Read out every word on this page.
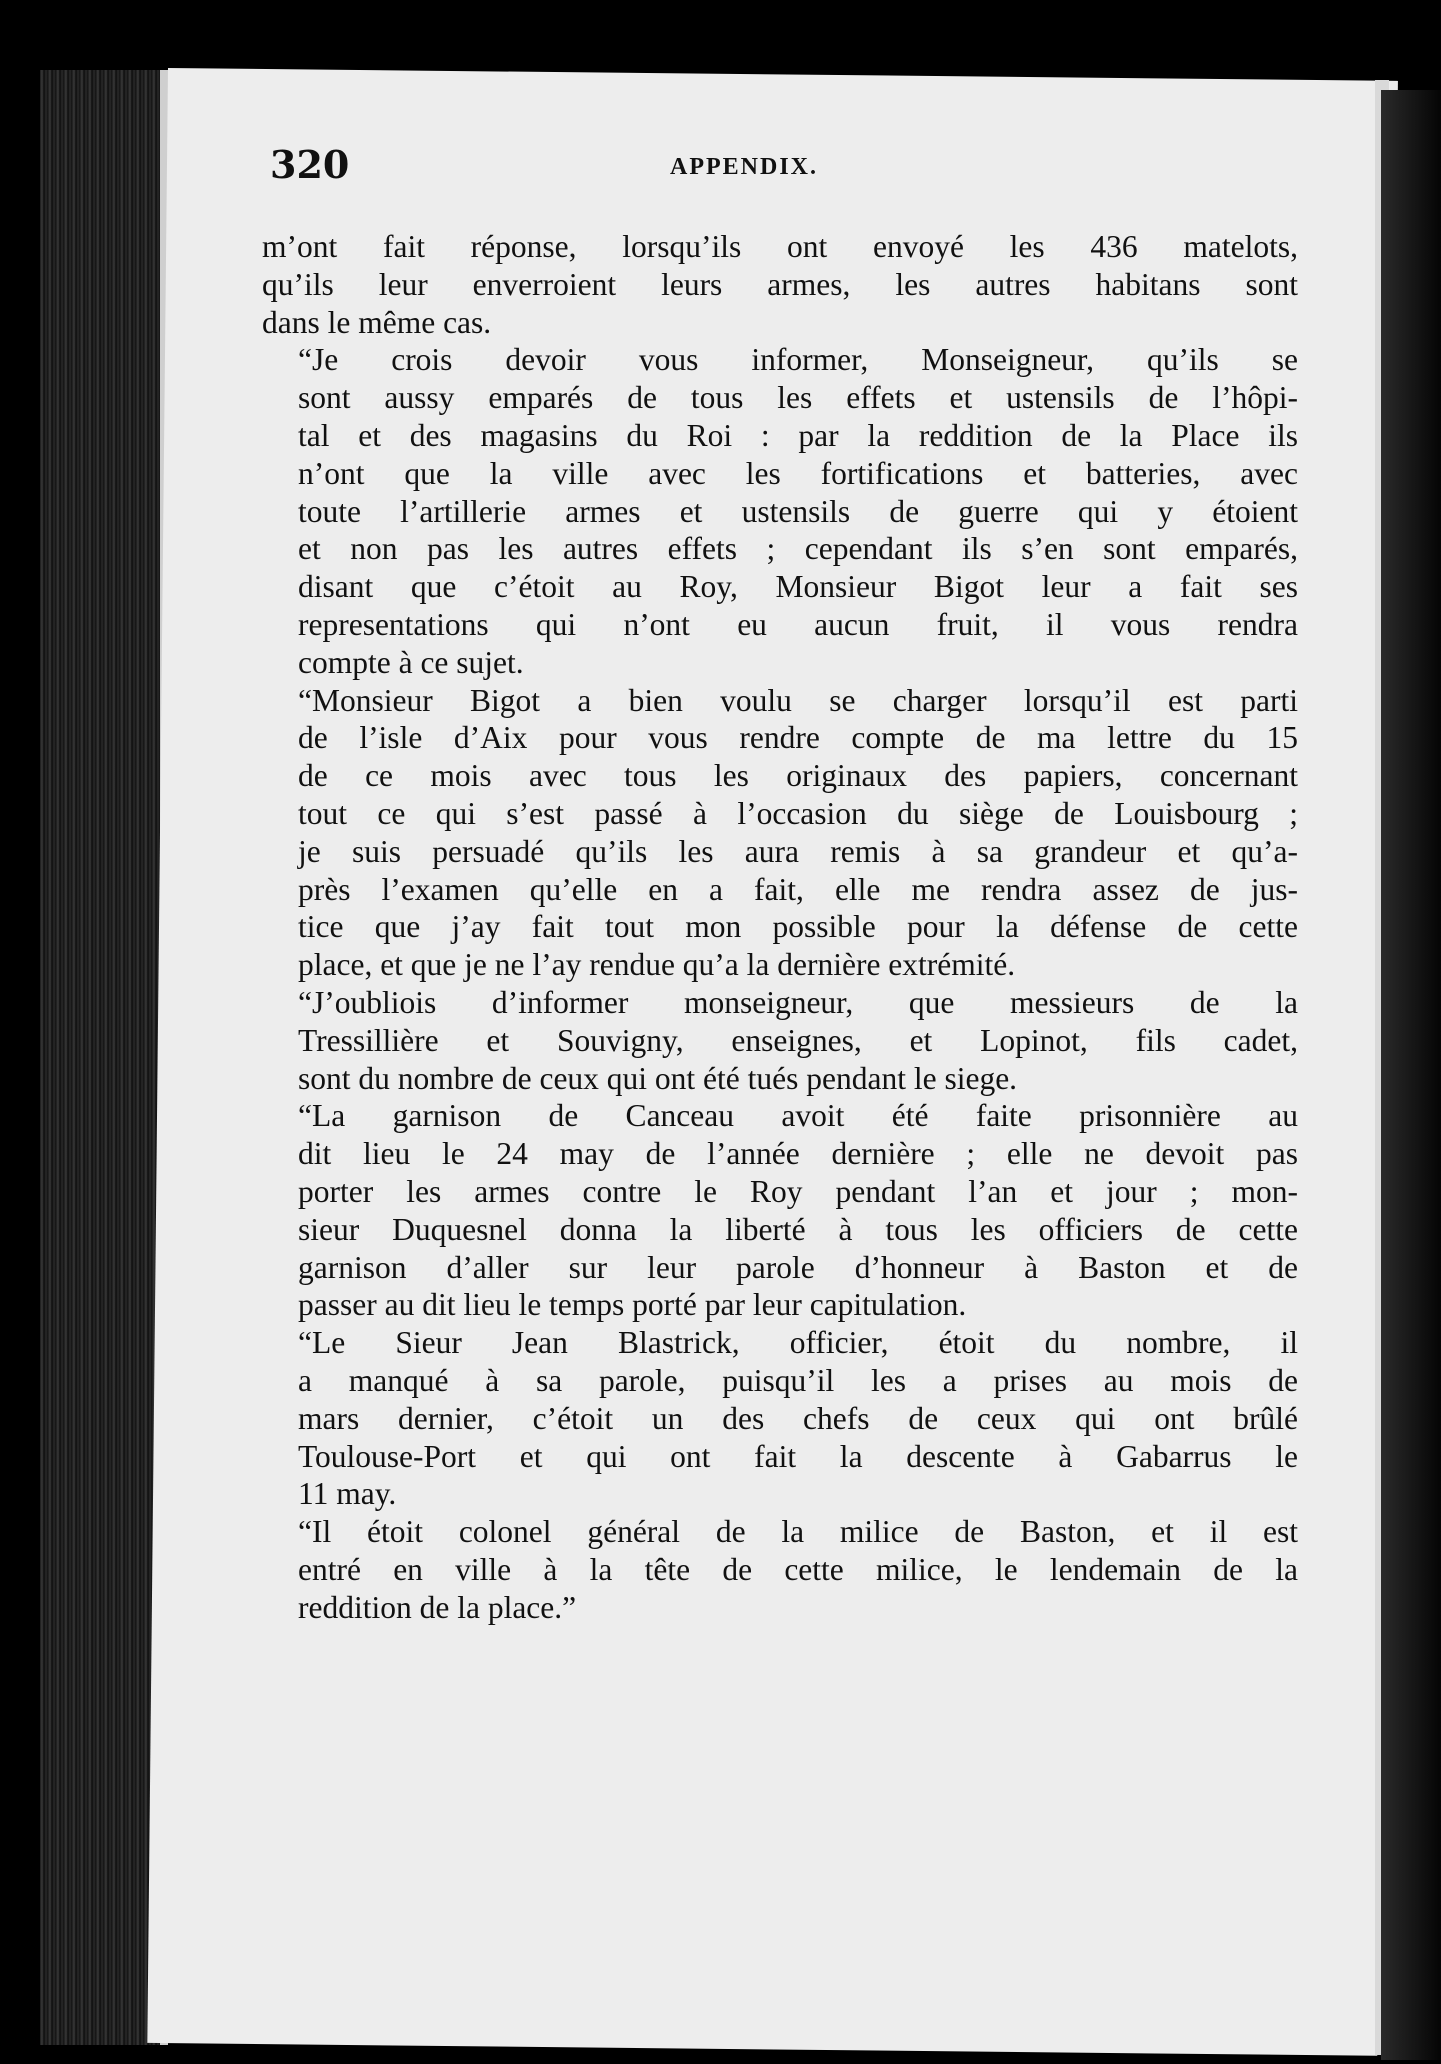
320	APPENDIX.

m’ont fait réponse, lorsqu’ils ont envoyé les 436 matelots,
qu’ils leur enverroient leurs armes, les autres habitans sont
dans le même cas.

“Je crois devoir vous informer, Monseigneur, qu’ils se
sont aussy emparés de tous les effets et ustensils de l’hôpi-
tal et des magasins du Roi : par la reddition de la Place ils
n’ont que la ville avec les fortifications et batteries, avec
toute l’artillerie armes et ustensils de guerre qui y étoient
et non pas les autres effets ; cependant ils s’en sont emparés,
disant que c’étoit au Roy, Monsieur Bigot leur a fait ses
representations qui n’ont eu aucun fruit, il vous rendra
compte à ce sujet.

“Monsieur Bigot a bien voulu se charger lorsqu’il est parti
de l’isle d’Aix pour vous rendre compte de ma lettre du 15
de ce mois avec tous les originaux des papiers, concernant
tout ce qui s’est passé à l’occasion du siège de Louisbourg ;
je suis persuadé qu’ils les aura remis à sa grandeur et qu’a-
près l’examen qu’elle en a fait, elle me rendra assez de jus-
tice que j’ay fait tout mon possible pour la défense de cette
place, et que je ne l’ay rendue qu’a la dernière extrémité.

“J’oubliois d’informer monseigneur, que messieurs de la
Tressillière et Souvigny, enseignes, et Lopinot, fils cadet,
sont du nombre de ceux qui ont été tués pendant le siege.

“La garnison de Canceau avoit été faite prisonnière au
dit lieu le 24 may de l’année dernière ; elle ne devoit pas
porter les armes contre le Roy pendant l’an et jour ; mon-
sieur Duquesnel donna la liberté à tous les officiers de cette
garnison d’aller sur leur parole d’honneur à Baston et de
passer au dit lieu le temps porté par leur capitulation.

“Le Sieur Jean Blastrick, officier, étoit du nombre, il
a manqué à sa parole, puisqu’il les a prises au mois de
mars dernier, c’étoit un des chefs de ceux qui ont brûlé
Toulouse-Port et qui ont fait la descente à Gabarrus le
11 may.

“Il étoit colonel général de la milice de Baston, et il est
entré en ville à la tête de cette milice, le lendemain de la
reddition de la place.”
